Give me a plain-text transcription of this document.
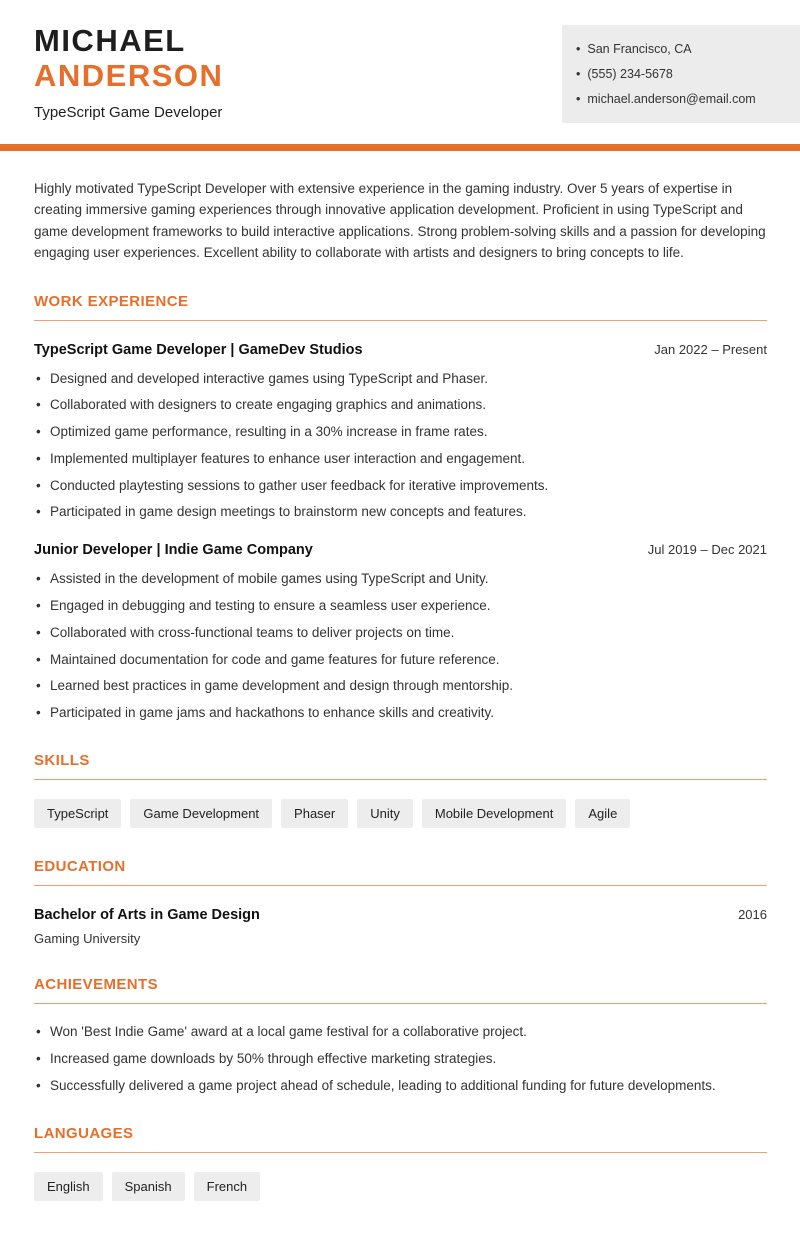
MICHAEL
ANDERSON
TypeScript Game Developer
• San Francisco, CA
• (555) 234-5678
• michael.anderson@email.com

Highly motivated TypeScript Developer with extensive experience in the gaming industry. Over 5 years of expertise in creating immersive gaming experiences through innovative application development. Proficient in using TypeScript and game development frameworks to build interactive applications. Strong problem-solving skills and a passion for developing engaging user experiences. Excellent ability to collaborate with artists and designers to bring concepts to life.

WORK EXPERIENCE
TypeScript Game Developer | GameDev Studios	Jan 2022 – Present
• Designed and developed interactive games using TypeScript and Phaser.
• Collaborated with designers to create engaging graphics and animations.
• Optimized game performance, resulting in a 30% increase in frame rates.
• Implemented multiplayer features to enhance user interaction and engagement.
• Conducted playtesting sessions to gather user feedback for iterative improvements.
• Participated in game design meetings to brainstorm new concepts and features.
Junior Developer | Indie Game Company	Jul 2019 – Dec 2021
• Assisted in the development of mobile games using TypeScript and Unity.
• Engaged in debugging and testing to ensure a seamless user experience.
• Collaborated with cross-functional teams to deliver projects on time.
• Maintained documentation for code and game features for future reference.
• Learned best practices in game development and design through mentorship.
• Participated in game jams and hackathons to enhance skills and creativity.
SKILLS
TypeScript	Game Development	Phaser	Unity	Mobile Development	Agile
EDUCATION
Bachelor of Arts in Game Design	2016
Gaming University
ACHIEVEMENTS
• Won 'Best Indie Game' award at a local game festival for a collaborative project.
• Increased game downloads by 50% through effective marketing strategies.
• Successfully delivered a game project ahead of schedule, leading to additional funding for future developments.
LANGUAGES
English	Spanish	French
